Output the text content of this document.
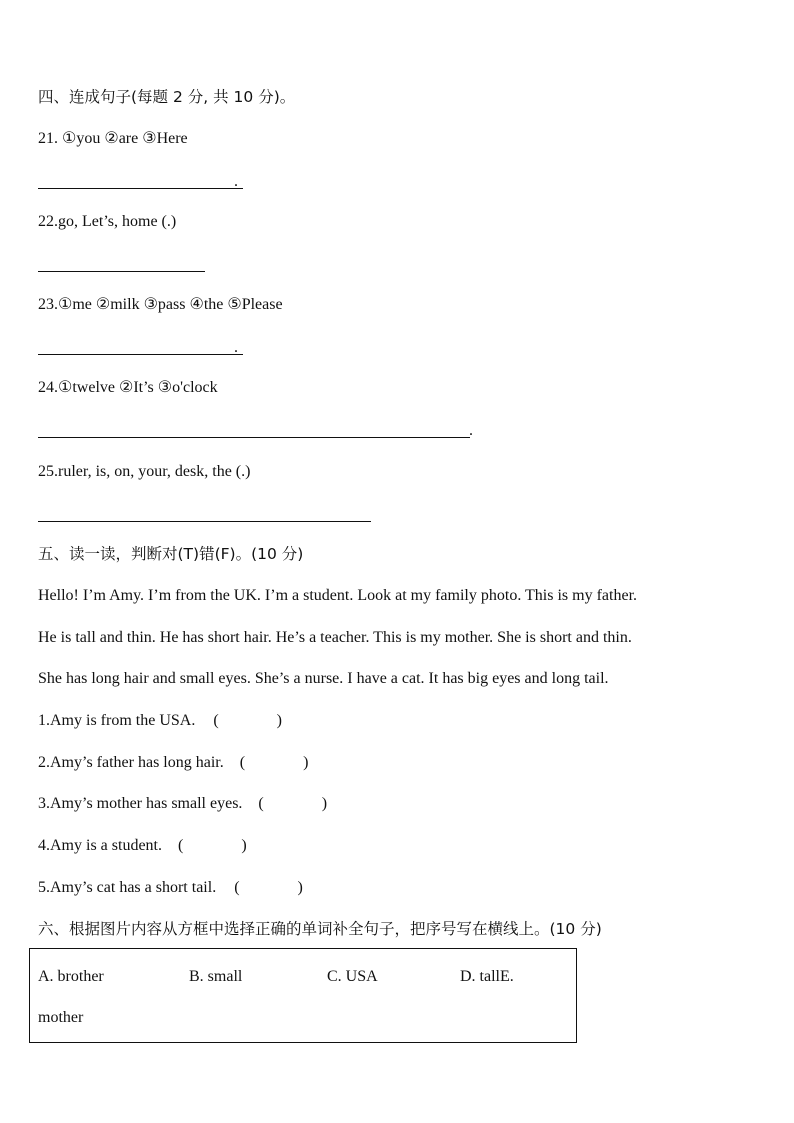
四、连成句子(每题 2 分, 共 10 分)。
21. ①you ②are ③Here
.
22.go, Let’s, home (.)
23.①me ②milk ③pass ④the ⑤Please
.
24.①twelve ②It’s ③o'clock
.
25.ruler, is, on, your, desk, the (.)
五、读一读，判断对(T)错(F)。(10 分)
Hello! I’m Amy. I’m from the UK. I’m a student. Look at my family photo. This is my father.
He is tall and thin. He has short hair. He’s a teacher. This is my mother. She is short and thin.
She has long hair and small eyes. She’s a nurse. I have a cat. It has big eyes and long tail.
1.Amy is from the USA. (	)
2.Amy’s father has long hair. (	)
3.Amy’s mother has small eyes. (	)
4.Amy is a student. (	)
5.Amy’s cat has a short tail. (	)
六、根据图片内容从方框中选择正确的单词补全句子，把序号写在横线上。(10 分)
A. brother	B. small	C. USA	D. tallE.
mother
